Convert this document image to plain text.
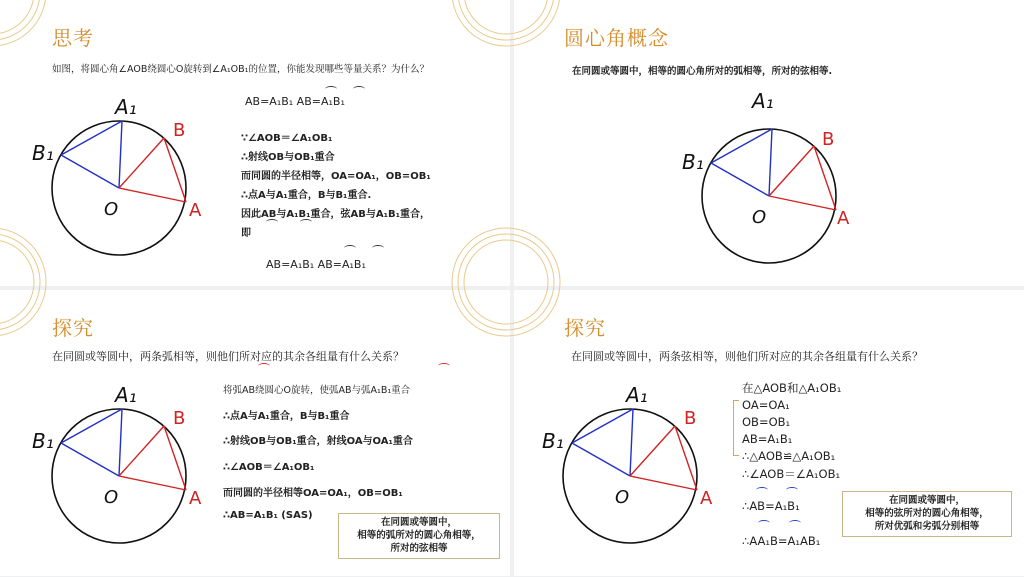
思考
如图，将圆心角∠AOB绕圆心O旋转到∠A₁OB₁的位置，你能发现哪些等量关系？为什么？
A₁
B₁
B
A
O
AB=A₁B₁ AB=A₁B₁
∵∠AOB＝∠A₁OB₁
∴射线OB与OB₁重合
而同圆的半径相等，OA=OA₁，OB=OB₁
∴点A与A₁重合，B与B₁重合.
因此AB与A₁B₁重合，弦AB与A₁B₁重合，
即
AB=A₁B₁ AB=A₁B₁
圆心角概念
在同圆或等圆中，相等的圆心角所对的弧相等，所对的弦相等.
A₁
B₁
B
A
O
探究
在同圆或等圆中，两条弧相等，则他们所对应的其余各组量有什么关系？
A₁
B₁
B
A
O
将弧AB绕圆心O旋转，使弧AB与弧A₁B₁重合
∴点A与A₁重合，B与B₁重合
∴射线OB与OB₁重合，射线OA与OA₁重合
∴∠AOB＝∠A₁OB₁
而同圆的半径相等OA=OA₁，OB=OB₁
∴AB=A₁B₁ (SAS)
在同圆或等圆中，
相等的弧所对的圆心角相等，
所对的弦相等
探究
在同圆或等圆中，两条弦相等，则他们所对应的其余各组量有什么关系？
A₁
B₁
B
A
O
在△AOB和△A₁OB₁
OA=OA₁
OB=OB₁
AB=A₁B₁
∴△AOB≌△A₁OB₁
∴∠AOB＝∠A₁OB₁
∴AB=A₁B₁
∴AA₁B=A₁AB₁
在同圆或等圆中，
相等的弦所对的圆心角相等，
所对优弧和劣弧分别相等
